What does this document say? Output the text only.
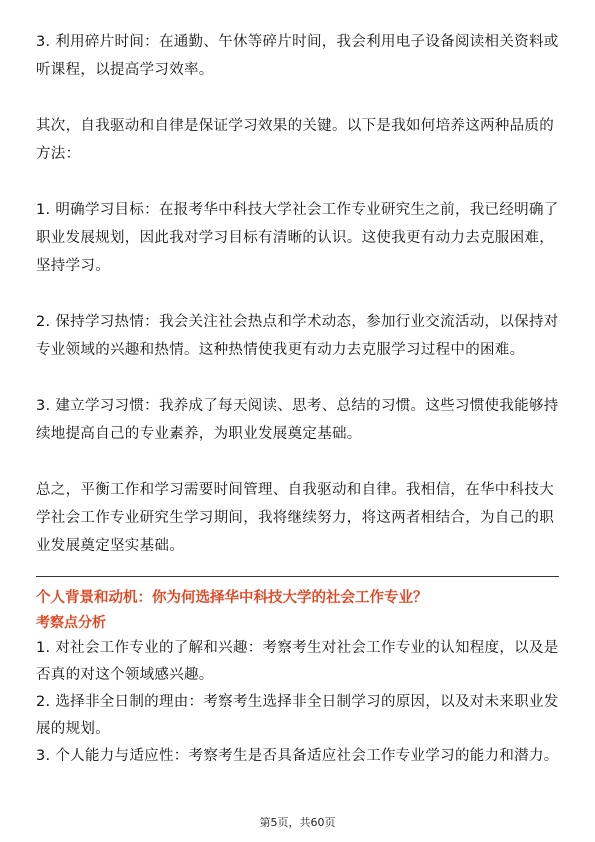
3. 利用碎片时间：在通勤、午休等碎片时间，我会利用电子设备阅读相关资料或听课程，以提高学习效率。

其次，自我驱动和自律是保证学习效果的关键。以下是我如何培养这两种品质的方法：

1. 明确学习目标：在报考华中科技大学社会工作专业研究生之前，我已经明确了职业发展规划，因此我对学习目标有清晰的认识。这使我更有动力去克服困难，坚持学习。

2. 保持学习热情：我会关注社会热点和学术动态，参加行业交流活动，以保持对专业领域的兴趣和热情。这种热情使我更有动力去克服学习过程中的困难。

3. 建立学习习惯：我养成了每天阅读、思考、总结的习惯。这些习惯使我能够持续地提高自己的专业素养，为职业发展奠定基础。

总之，平衡工作和学习需要时间管理、自我驱动和自律。我相信，在华中科技大学社会工作专业研究生学习期间，我将继续努力，将这两者相结合，为自己的职业发展奠定坚实基础。

个人背景和动机：你为何选择华中科技大学的社会工作专业？

考察点分析

1. 对社会工作专业的了解和兴趣：考察考生对社会工作专业的认知程度，以及是否真的对这个领域感兴趣。

2. 选择非全日制的理由：考察考生选择非全日制学习的原因，以及对未来职业发展的规划。

3. 个人能力与适应性：考察考生是否具备适应社会工作专业学习的能力和潜力。

第5页，共60页
